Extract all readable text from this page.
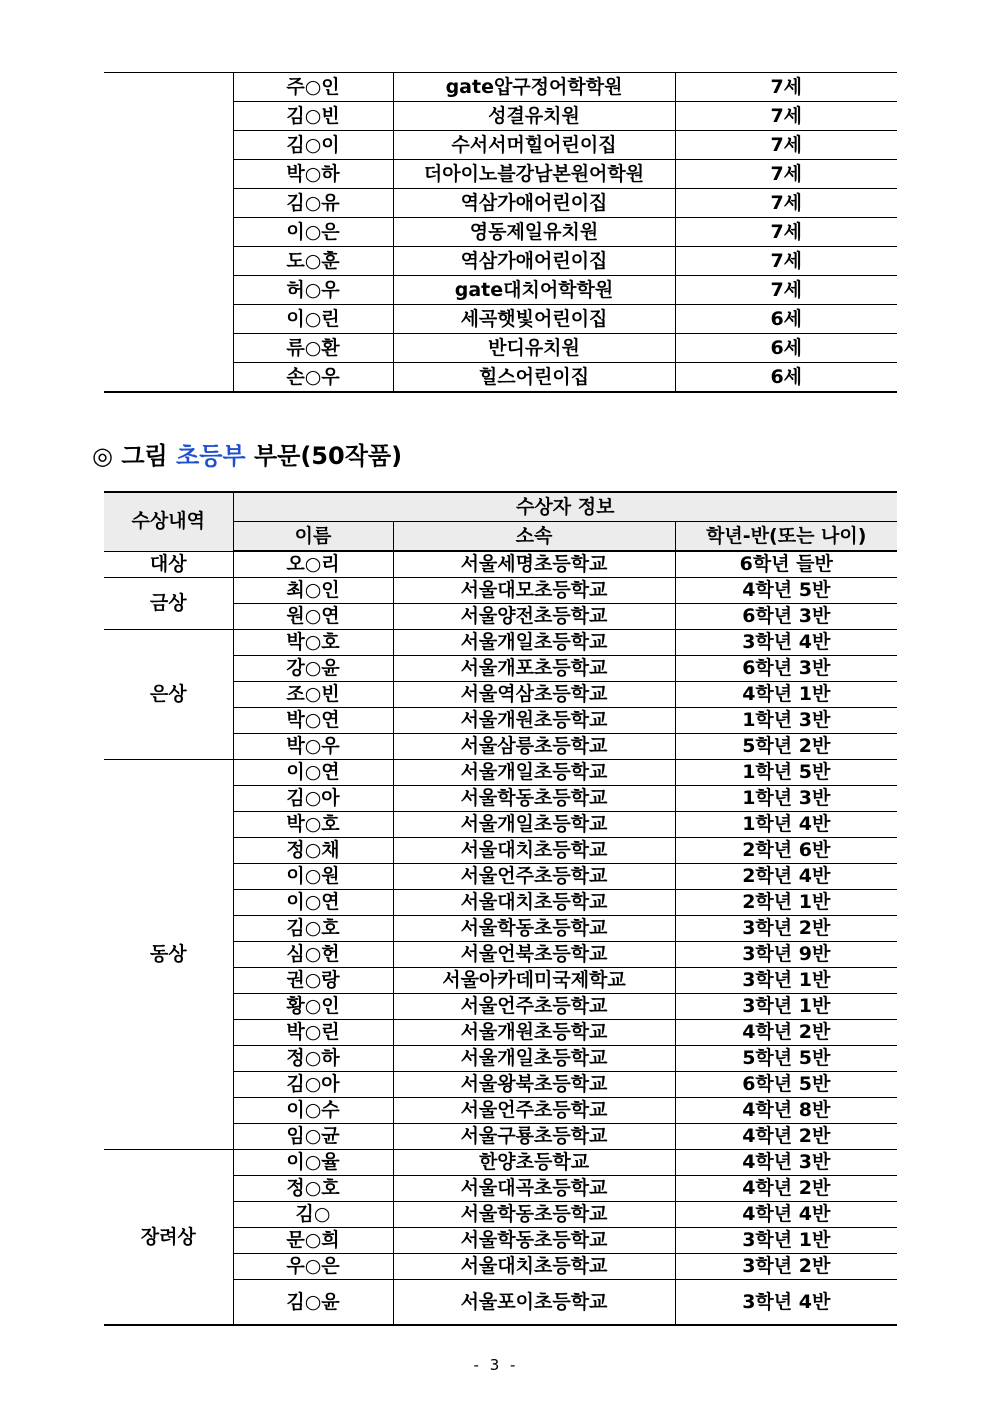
	주○인	gate압구정어학학원	7세
	김○빈	성결유치원	7세
	김○이	수서서머힐어린이집	7세
	박○하	더아이노블강남본원어학원	7세
	김○유	역삼가애어린이집	7세
	이○은	영동제일유치원	7세
	도○훈	역삼가애어린이집	7세
	허○우	gate대치어학학원	7세
	이○린	세곡햇빛어린이집	6세
	류○환	반디유치원	6세
	손○우	힐스어린이집	6세
◎ 그림 초등부 부문(50작품)
수상내역	수상자 정보		
	이름	소속	학년-반(또는 나이)
대상	오○리	서울세명초등학교	6학년 들반
금상	최○인	서울대모초등학교	4학년 5반
	원○연	서울양전초등학교	6학년 3반
은상	박○호	서울개일초등학교	3학년 4반
	강○윤	서울개포초등학교	6학년 3반
	조○빈	서울역삼초등학교	4학년 1반
	박○연	서울개원초등학교	1학년 3반
	박○우	서울삼릉초등학교	5학년 2반
동상	이○연	서울개일초등학교	1학년 5반
	김○아	서울학동초등학교	1학년 3반
	박○호	서울개일초등학교	1학년 4반
	정○채	서울대치초등학교	2학년 6반
	이○원	서울언주초등학교	2학년 4반
	이○연	서울대치초등학교	2학년 1반
	김○호	서울학동초등학교	3학년 2반
	심○헌	서울언북초등학교	3학년 9반
	권○랑	서울아카데미국제학교	3학년 1반
	황○인	서울언주초등학교	3학년 1반
	박○린	서울개원초등학교	4학년 2반
	정○하	서울개일초등학교	5학년 5반
	김○아	서울왕북초등학교	6학년 5반
	이○수	서울언주초등학교	4학년 8반
	임○균	서울구룡초등학교	4학년 2반
장려상	이○율	한양초등학교	4학년 3반
	정○호	서울대곡초등학교	4학년 2반
	김○	서울학동초등학교	4학년 4반
	문○희	서울학동초등학교	3학년 1반
	우○은	서울대치초등학교	3학년 2반
	김○윤	서울포이초등학교	3학년 4반
- 3 -
